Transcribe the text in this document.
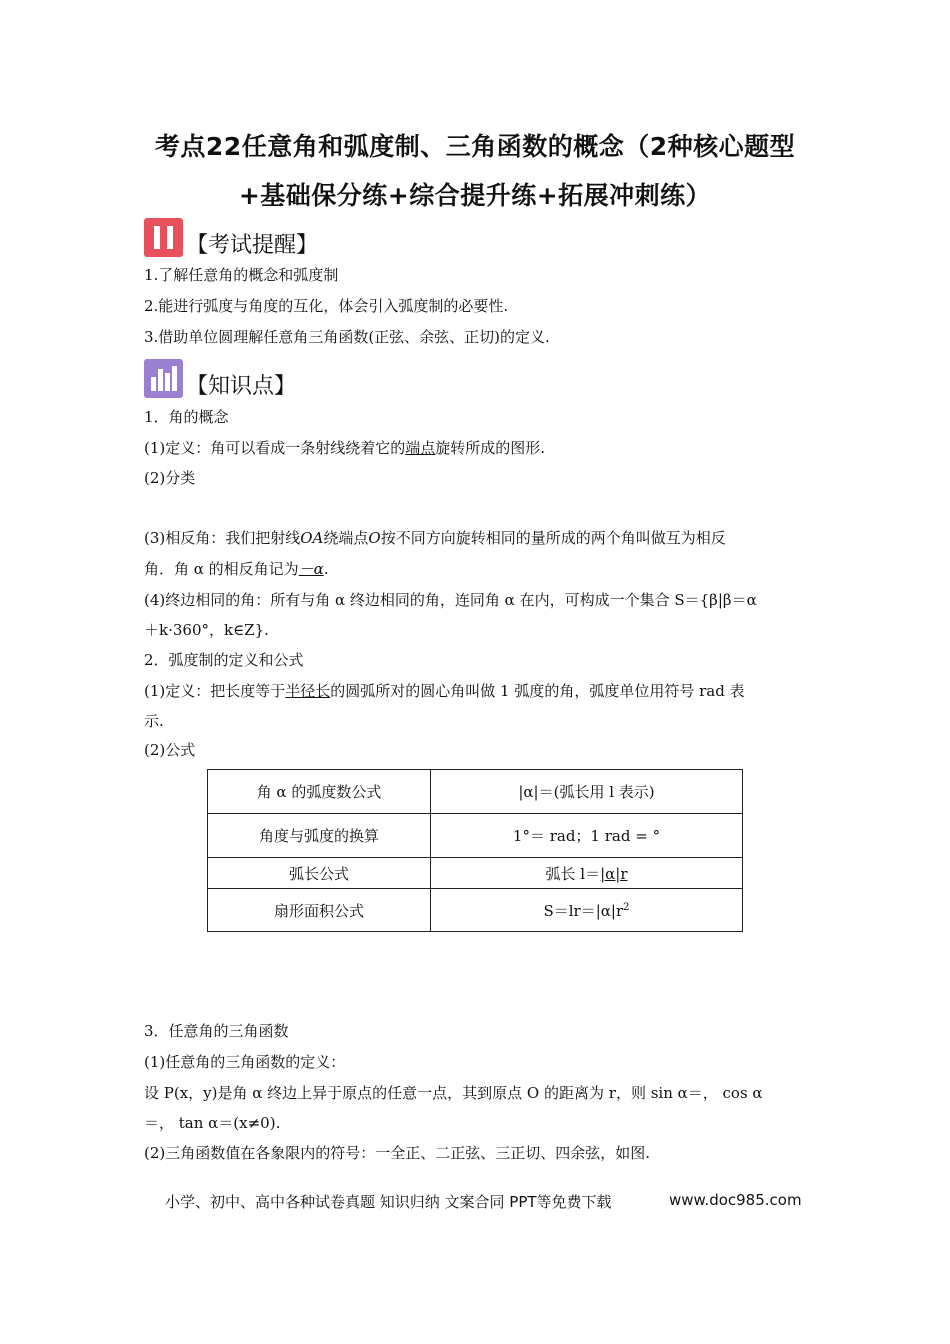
考点22任意角和弧度制、三角函数的概念（2种核心题型
+基础保分练+综合提升练+拓展冲刺练）
【考试提醒】
1.了解任意角的概念和弧度制
2.能进行弧度与角度的互化，体会引入弧度制的必要性.
3.借助单位圆理解任意角三角函数(正弦、余弦、正切)的定义.
【知识点】
1．角的概念
(1)定义：角可以看成一条射线绕着它的端点旋转所成的图形.
(2)分类
(3)相反角：我们把射线OA绕端点O按不同方向旋转相同的量所成的两个角叫做互为相反
角．角 α 的相反角记为－α.
(4)终边相同的角：所有与角 α 终边相同的角，连同角 α 在内，可构成一个集合 S＝{β|β＝α
＋k·360°，k∈Z}.
2．弧度制的定义和公式
(1)定义：把长度等于半径长的圆弧所对的圆心角叫做 1 弧度的角，弧度单位用符号 rad 表
示.
(2)公式
角 α 的弧度数公式	|α|＝(弧长用 l 表示)
角度与弧度的换算	1°＝ rad；1 rad = °
弧长公式	弧长 l＝|α|r
扇形面积公式	$S=lr=|\alpha|r^2$
3．任意角的三角函数
(1)任意角的三角函数的定义：
设 P(x，y)是角 α 终边上异于原点的任意一点，其到原点 O 的距离为 r，则 sin α＝， cos α
＝， tan α＝(x≠0).
(2)三角函数值在各象限内的符号：一全正、二正弦、三正切、四余弦，如图.
小学、初中、高中各种试卷真题 知识归纳 文案合同 PPT等免费下载	www.doc985.com
